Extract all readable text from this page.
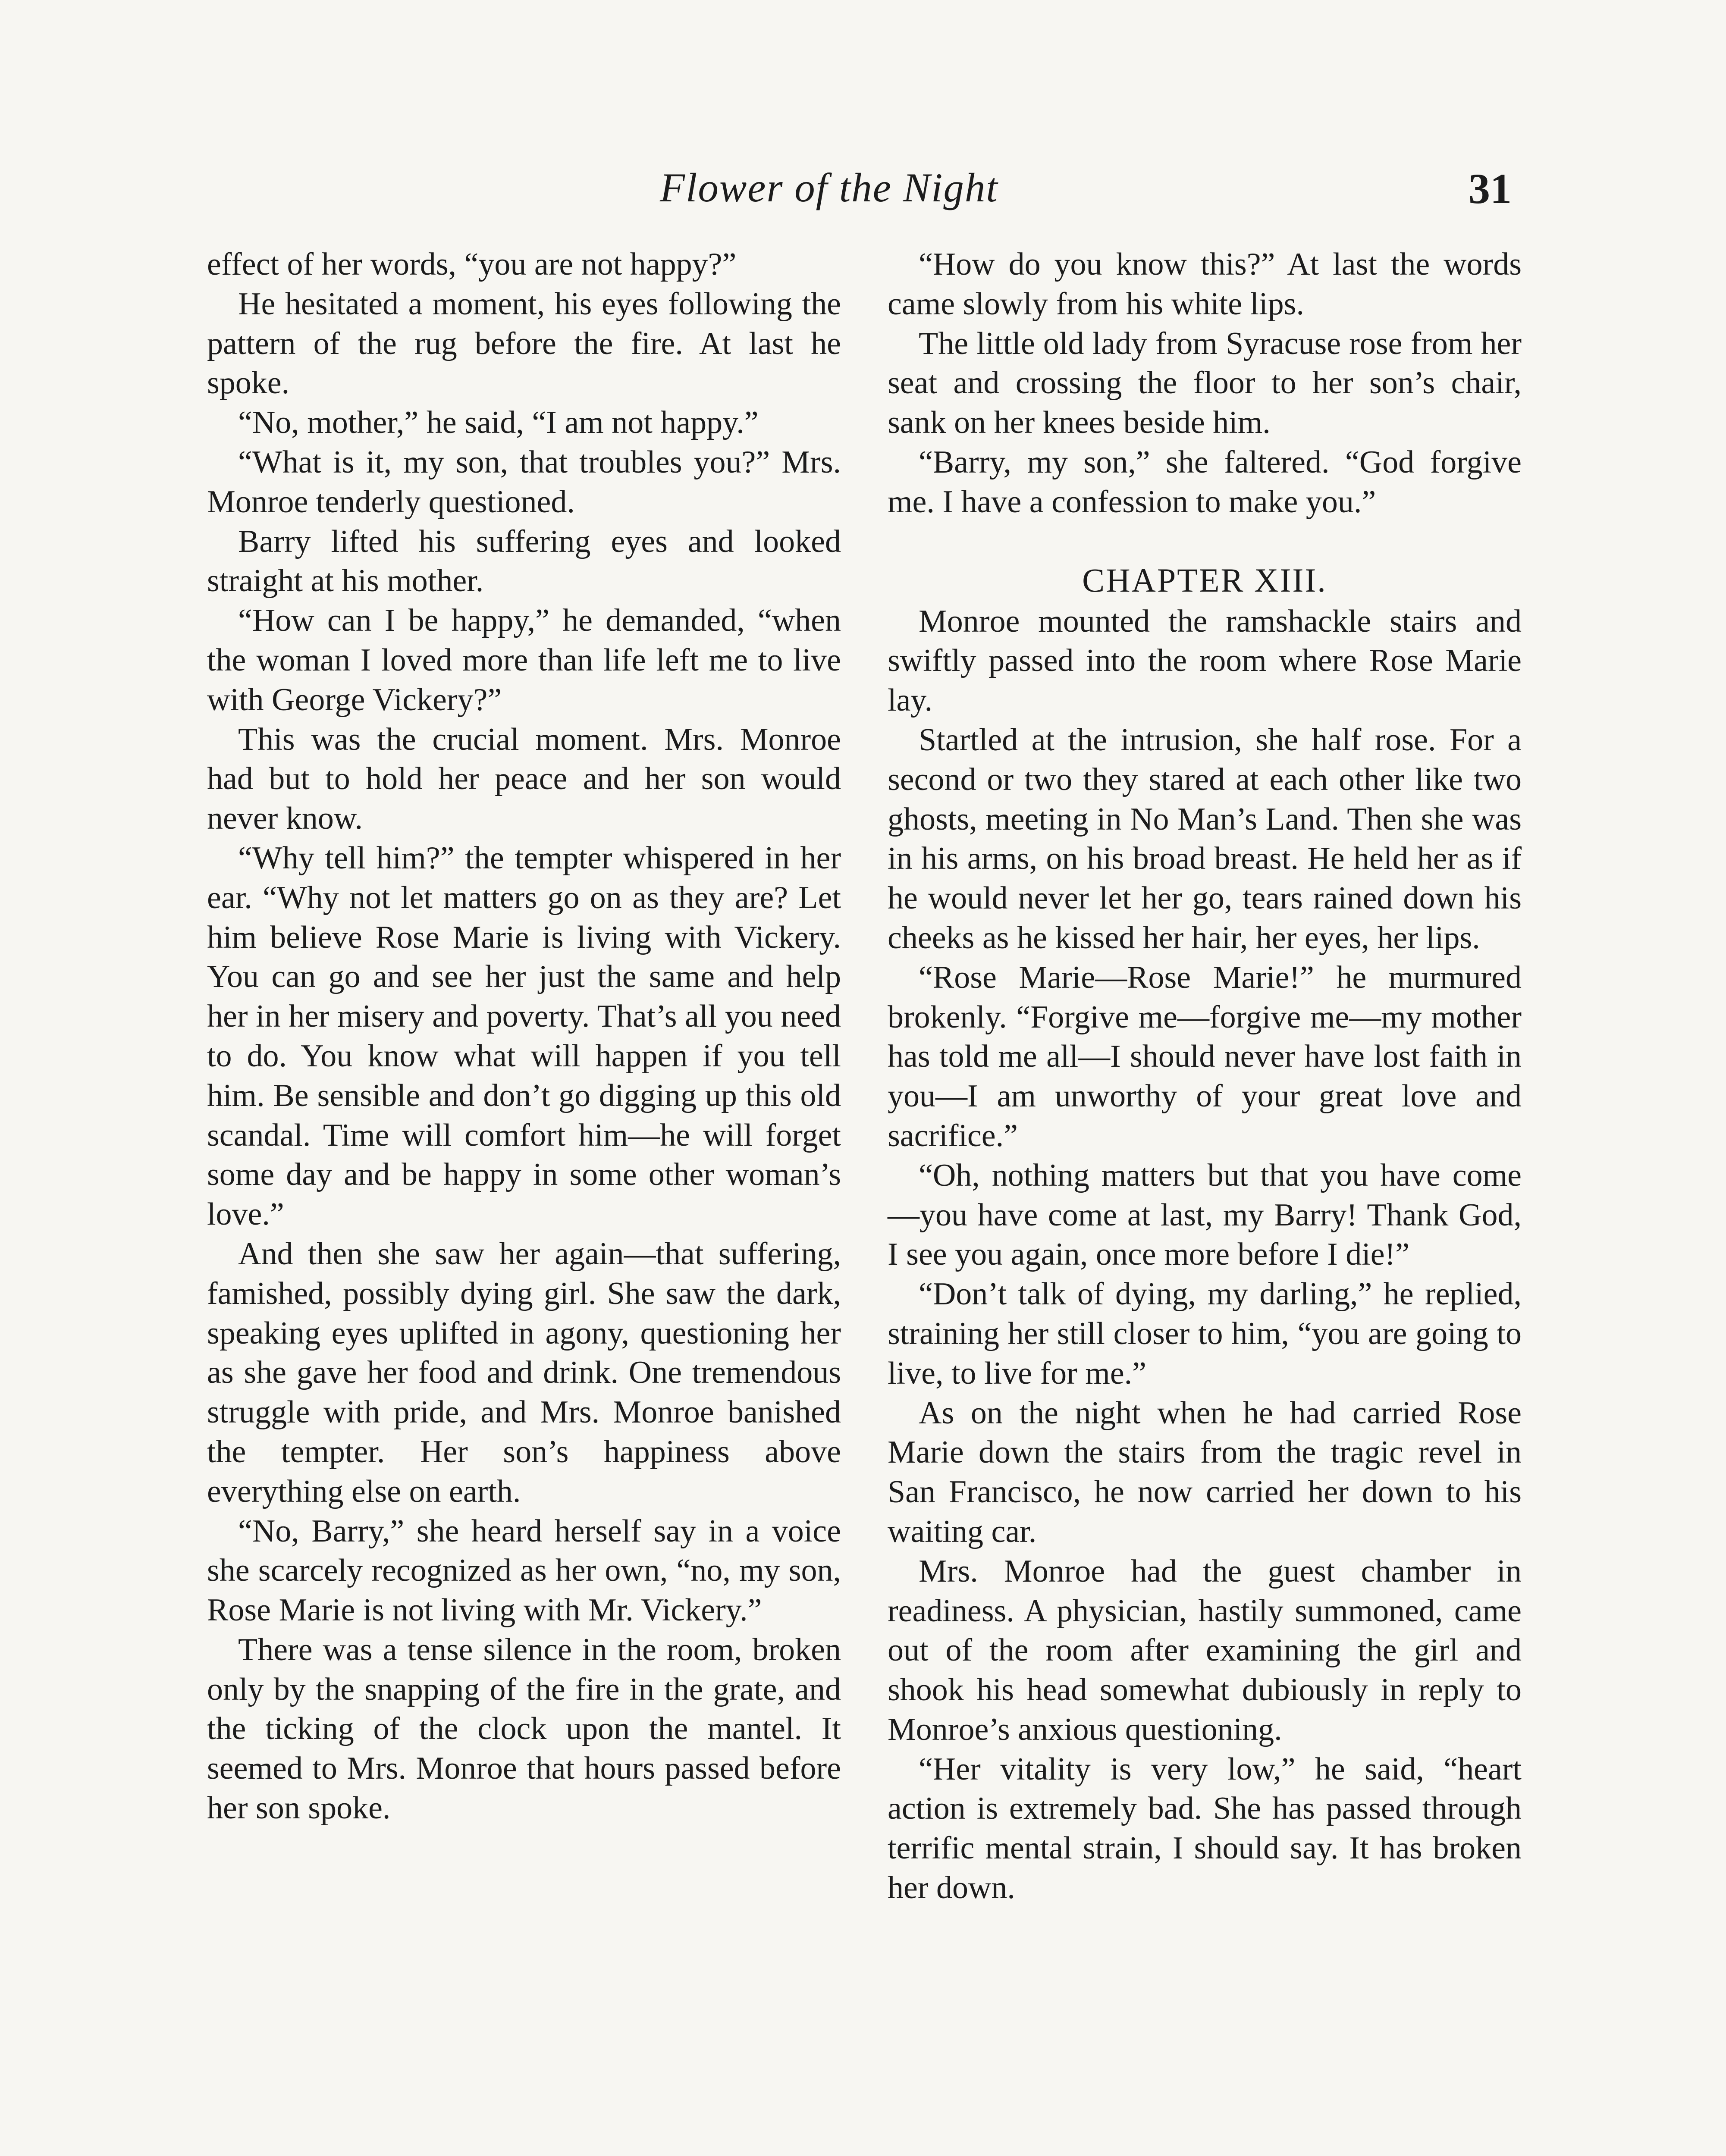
Flower of the Night	31

effect of her words, “you are not happy?”

He hesitated a moment, his eyes following the pattern of the rug before the fire. At last he spoke.

“No, mother,” he said, “I am not happy.”

“What is it, my son, that troubles you?” Mrs. Monroe tenderly questioned.

Barry lifted his suffering eyes and looked straight at his mother.

“How can I be happy,” he demanded, “when the woman I loved more than life left me to live with George Vickery?”

This was the crucial moment. Mrs. Monroe had but to hold her peace and her son would never know.

“Why tell him?” the tempter whispered in her ear. “Why not let matters go on as they are? Let him believe Rose Marie is living with Vickery. You can go and see her just the same and help her in her misery and poverty. That’s all you need to do. You know what will happen if you tell him. Be sensible and don’t go digging up this old scandal. Time will comfort him—he will forget some day and be happy in some other woman’s love.”

And then she saw her again—that suffering, famished, possibly dying girl. She saw the dark, speaking eyes uplifted in agony, questioning her as she gave her food and drink. One tremendous struggle with pride, and Mrs. Monroe banished the tempter. Her son’s happiness above everything else on earth.

“No, Barry,” she heard herself say in a voice she scarcely recognized as her own, “no, my son, Rose Marie is not living with Mr. Vickery.”

There was a tense silence in the room, broken only by the snapping of the fire in the grate, and the ticking of the clock upon the mantel. It seemed to Mrs. Monroe that hours passed before her son spoke.

“How do you know this?” At last the words came slowly from his white lips.

The little old lady from Syracuse rose from her seat and crossing the floor to her son’s chair, sank on her knees beside him.

“Barry, my son,” she faltered. “God forgive me. I have a confession to make you.”

CHAPTER XIII.

Monroe mounted the ramshackle stairs and swiftly passed into the room where Rose Marie lay.

Startled at the intrusion, she half rose. For a second or two they stared at each other like two ghosts, meeting in No Man’s Land. Then she was in his arms, on his broad breast. He held her as if he would never let her go, tears rained down his cheeks as he kissed her hair, her eyes, her lips.

“Rose Marie—Rose Marie!” he murmured brokenly. “Forgive me—forgive me—my mother has told me all—I should never have lost faith in you—I am unworthy of your great love and sacrifice.”

“Oh, nothing matters but that you have come—you have come at last, my Barry! Thank God, I see you again, once more before I die!”

“Don’t talk of dying, my darling,” he replied, straining her still closer to him, “you are going to live, to live for me.”

As on the night when he had carried Rose Marie down the stairs from the tragic revel in San Francisco, he now carried her down to his waiting car.

Mrs. Monroe had the guest chamber in readiness. A physician, hastily summoned, came out of the room after examining the girl and shook his head somewhat dubiously in reply to Monroe’s anxious questioning.

“Her vitality is very low,” he said, “heart action is extremely bad. She has passed through terrific mental strain, I should say. It has broken her down.
